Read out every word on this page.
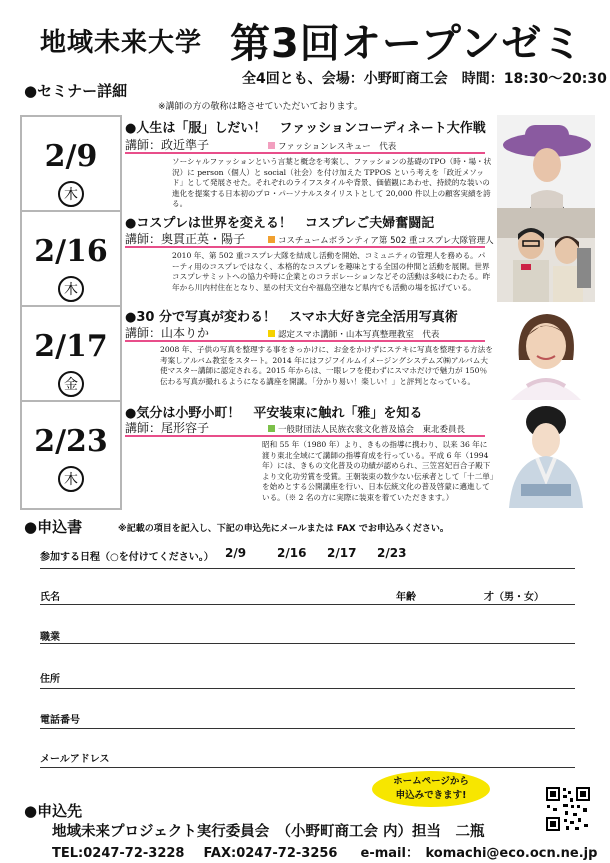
地域未来大学 第3回オープンゼミ
全4回とも、会場：小野町商工会　時間：18:30～20:30
●セミナー詳細
※講師の方の敬称は略させていただいております。
2/9
木
●人生は「服」しだい！　ファッションコーディネート大作戦
講師：政近準子	ファッションレスキュー　代表
ソーシャルファッションという言葉と概念を考案し、ファッションの基礎のTPO（時・場・状況）に person（個人）と social（社会）を付け加えた TPPOS という考えを「政近メソッド」として発展させた。それぞれのライフスタイルや背景、価値観にあわせ、持続的な装いの進化を提案する日本初のプロ・パーソナルスタイリストとして 20,000 件以上の顧客実績を誇る。
2/16
木
●コスプレは世界を変える！　コスプレご夫婦奮闘記
講師：奥貫正英・陽子	コスチュームボランティア第 502 重コスプレ大隊管理人
2010 年、第 502 重コスプレ大隊を結成し活動を開始、コミュニティの管理人を務める。パーティ用のコスプレではなく、本格的なコスプレを趣味とする全国の仲間と活動を展開。世界コスプレサミットへの協力や時に企業とのコラボレーションなどその活動は多岐にわたる。昨年から川内村住在となり、星の村天文台や福島空港など県内でも活動の場を拡げている。
2/17
金
●30 分で写真が変わる！　スマホ大好き完全活用写真術
講師：山本りか	認定スマホ講師・山本写真整理教室　代表
2008 年、子供の写真を整理する事をきっかけに、お金をかけずにステキに写真を整理する方法を考案しアルバム教室をスタート。2014 年にはフジフイルムイメージングシステムズ㈱アルバム大使マスター講師に認定される。2015 年からは、一眼レフを使わずにスマホだけで魅力が 150％伝わる写真が撮れるようになる講座を開講。「分かり易い！楽しい！」と評判となっている。
2/23
木
●気分は小野小町！　平安装束に触れ「雅」を知る
講師：尾形容子	一般財団法人民族衣裳文化普及協会　東北委員長
昭和 55 年（1980 年）より、きもの指導に携わり、以来 36 年に渡り東北全域にて講師の指導育成を行っている。平成 6 年（1994 年）には、きもの文化普及の功績が認められ、三笠宮妃百合子殿下より文化功労賞を受賞。王朝装束の数少ない伝承者として「十二単」を始めとする公開講座を行い、日本伝統文化の普及啓蒙に邁進している。（※ 2 名の方に実際に装束を着ていただきます。）
●申込書	※記載の項目を記入し、下記の申込先にメールまたは FAX でお申込みください。
参加する日程（○を付けてください。） 2/9	2/16 2/17 2/23
氏名	年齢	才（男・女）
職業
住所
電話番号
メールアドレス
ホームページから
申込みできます!
●申込先
地域未来プロジェクト実行委員会　（小野町商工会 内）担当　二瓶
TEL:0247-72-3228 FAX:0247-72-3256 e-mail：　komachi@eco.ocn.ne.jp
